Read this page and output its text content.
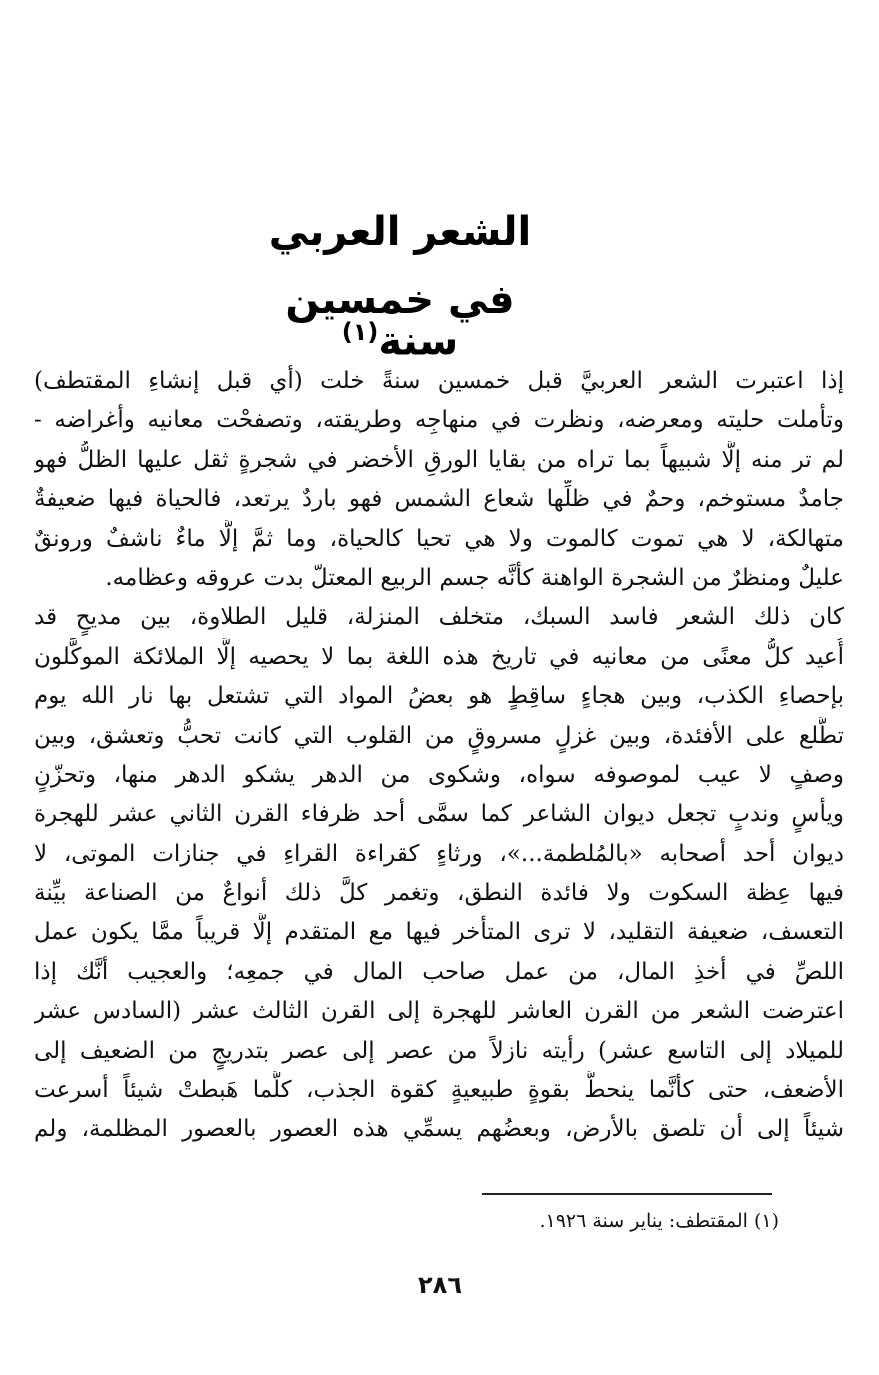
الشعر العربي
في خمسين سنة$^{(١)}$
إذا اعتبرت الشعر العربيَّ قبل خمسين سنةً خلت (أي قبل إنشاءِ المقتطف)
وتأملت حليته ومعرضه، ونظرت في منهاجِه وطريقته، وتصفحْت معانيه وأغراضه -
لم تر منه إلَّا شبيهاً بما تراه من بقايا الورقِ الأخضر في شجرةٍ ثقل عليها الظلُّ فهو
جامدٌ مستوخم، وحمٌ في ظلِّها شعاع الشمس فهو باردٌ يرتعد، فالحياة فيها ضعيفةٌ
متهالكة، لا هي تموت كالموت ولا هي تحيا كالحياة، وما ثمَّ إلَّا ماءٌ ناشفٌ ورونقٌ
عليلٌ ومنظرٌ من الشجرة الواهنة كأنَّه جسم الربيع المعتلّ بدت عروقه وعظامه.
كان ذلك الشعر فاسد السبك، متخلف المنزلة، قليل الطلاوة، بين مديحٍ قد
أُعيد كلُّ معنًى من معانيه في تاريخ هذه اللغة بما لا يحصيه إلَّا الملائكة الموكَّلون
بإحصاءِ الكذب، وبين هجاءٍ ساقِطٍ هو بعضُ المواد التي تشتعل بها نار الله يوم
تطَّلع على الأفئدة، وبين غزلٍ مسروقٍ من القلوب التي كانت تحبُّ وتعشق، وبين
وصفٍ لا عيب لموصوفه سواه، وشكوى من الدهر يشكو الدهر منها، وتحزّنٍ
ويأسٍ وندبٍ تجعل ديوان الشاعر كما سمَّى أحد ظرفاء القرن الثاني عشر للهجرة
ديوان أحد أصحابه «بالمُلطمة...»، ورثاءٍ كقراءة القراءِ في جنازات الموتى، لا
فيها عِظة السكوت ولا فائدة النطق، وتغمر كلَّ ذلك أنواعٌ من الصناعة بيِّنة
التعسف، ضعيفة التقليد، لا ترى المتأخر فيها مع المتقدم إلَّا قريباً ممَّا يكون عمل
اللصِّ في أخذِ المال، من عمل صاحب المال في جمعِه؛ والعجيب أنَّك إذا
اعترضت الشعر من القرن العاشر للهجرة إلى القرن الثالث عشر (السادس عشر
للميلاد إلى التاسع عشر) رأيته نازلاً من عصر إلى عصر بتدريجٍ من الضعيف إلى
الأضعف، حتى كأنَّما ينحطُّ بقوةٍ طبيعيةٍ كقوة الجذب، كلَّما هَبطتْ شيئاً أسرعت
شيئاً إلى أن تلصق بالأرض، وبعضُهم يسمِّي هذه العصور بالعصور المظلمة، ولم
(١) المقتطف: يناير سنة ١٩٢٦.
٢٨٦
